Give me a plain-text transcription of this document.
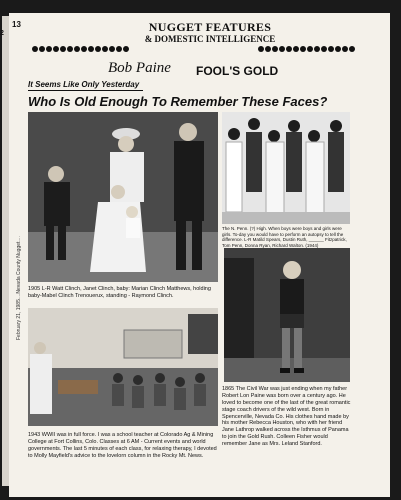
2
13
February 21, 1985....Nevada County Nugget....
NUGGET FEATURES
& DOMESTIC INTELLIGENCE
Bob Paine FOOL'S GOLD
It Seems Like Only Yesterday
Who Is Old Enough To Remember These Faces?
1905 L-R Watt Clinch, Janet Clinch, baby: Marian Clinch Matthews, holding baby-Mabel Clinch Trenouerux, standing - Raymond Clinch.
The N. Penn. (?) High. When boys were boys and girls were girls. To-day you would have to perform an autopsy to tell the difference. L-R Matild Spears, Dustin Ruth, ______ Fitzpatrick, Tom Penn, Donna Ryan, Richard Walton. (1944)
1943 WWII was in full force. I was a school teacher at Colorado Ag & Mining College at Fort Collins, Colo. Classes at 6 AM - Current events and world governments. The last 5 minutes of each class, for relaxing therapy, I devoted to Molly Mayfield's advice to the lovelorn column in the Rocky Mt. News.
1865 The Civil War was just ending when my father Robert Lon Paine was born over a century ago. He loved to become one of the last of the great romantic stage coach drivers of the wild west. Born in Spencerville, Nevada Co. His clothes hand made by his mother Rebecca Houston, who with her friend Jane Lathrop walked across the Isthmus of Panama to join the Gold Rush. Colleen Fisher would remember Jane as Mrs. Leland Stanford.
